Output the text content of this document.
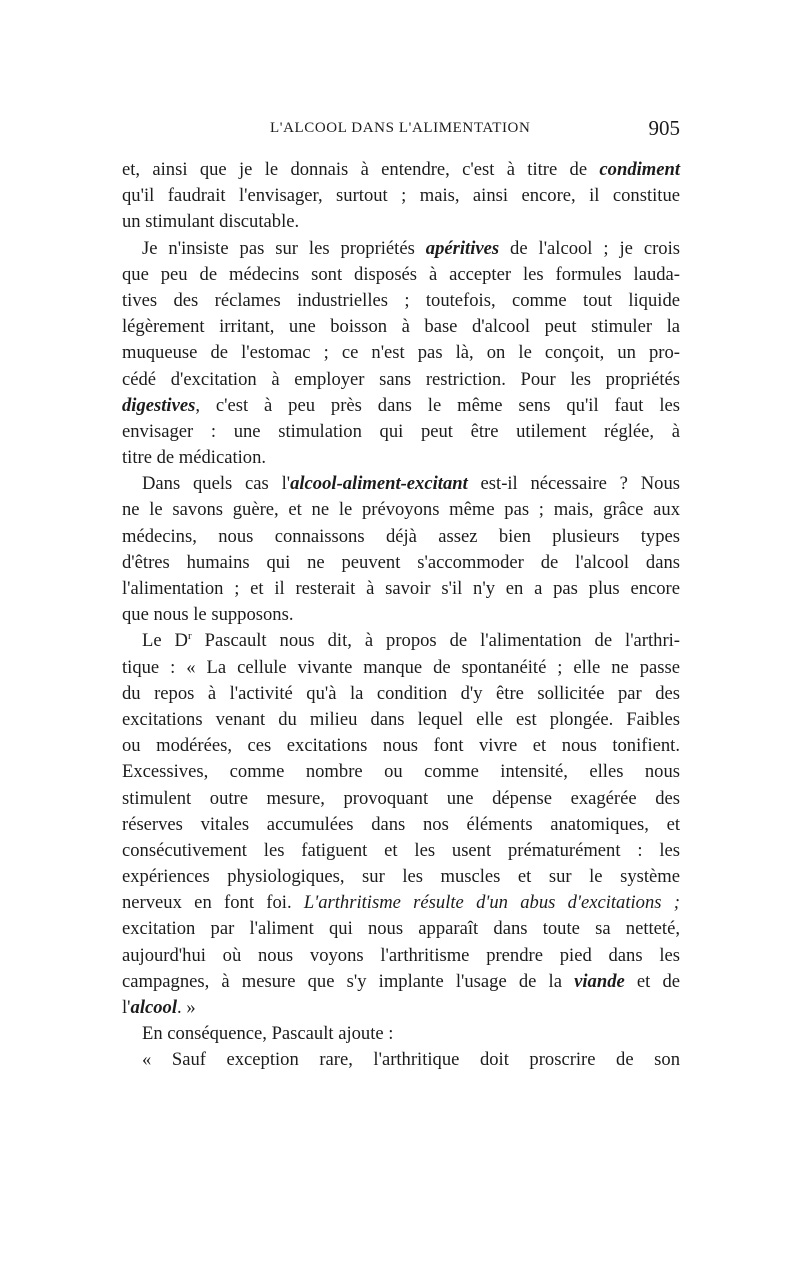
L'ALCOOL DANS L'ALIMENTATION	905
et, ainsi que je le donnais à entendre, c'est à titre de condiment
qu'il faudrait l'envisager, surtout ; mais, ainsi encore, il constitue
un stimulant discutable.
Je n'insiste pas sur les propriétés apéritives de l'alcool ; je crois
que peu de médecins sont disposés à accepter les formules lauda-
tives des réclames industrielles ; toutefois, comme tout liquide
légèrement irritant, une boisson à base d'alcool peut stimuler la
muqueuse de l'estomac ; ce n'est pas là, on le conçoit, un pro-
cédé d'excitation à employer sans restriction. Pour les propriétés
digestives, c'est à peu près dans le même sens qu'il faut les
envisager : une stimulation qui peut être utilement réglée, à
titre de médication.
Dans quels cas l'alcool-aliment-excitant est-il nécessaire ? Nous
ne le savons guère, et ne le prévoyons même pas ; mais, grâce aux
médecins, nous connaissons déjà assez bien plusieurs types
d'êtres humains qui ne peuvent s'accommoder de l'alcool dans
l'alimentation ; et il resterait à savoir s'il n'y en a pas plus encore
que nous le supposons.
Le $D^r$ Pascault nous dit, à propos de l'alimentation de l'arthri-
tique : « La cellule vivante manque de spontanéité ; elle ne passe
du repos à l'activité qu'à la condition d'y être sollicitée par des
excitations venant du milieu dans lequel elle est plongée. Faibles
ou modérées, ces excitations nous font vivre et nous tonifient.
Excessives, comme nombre ou comme intensité, elles nous
stimulent outre mesure, provoquant une dépense exagérée des
réserves vitales accumulées dans nos éléments anatomiques, et
consécutivement les fatiguent et les usent prématurément : les
expériences physiologiques, sur les muscles et sur le système
nerveux en font foi. L'arthritisme résulte d'un abus d'excitations ;
excitation par l'aliment qui nous apparaît dans toute sa netteté,
aujourd'hui où nous voyons l'arthritisme prendre pied dans les
campagnes, à mesure que s'y implante l'usage de la viande et de
l'alcool. »
En conséquence, Pascault ajoute :
« Sauf exception rare, l'arthritique doit proscrire de son
